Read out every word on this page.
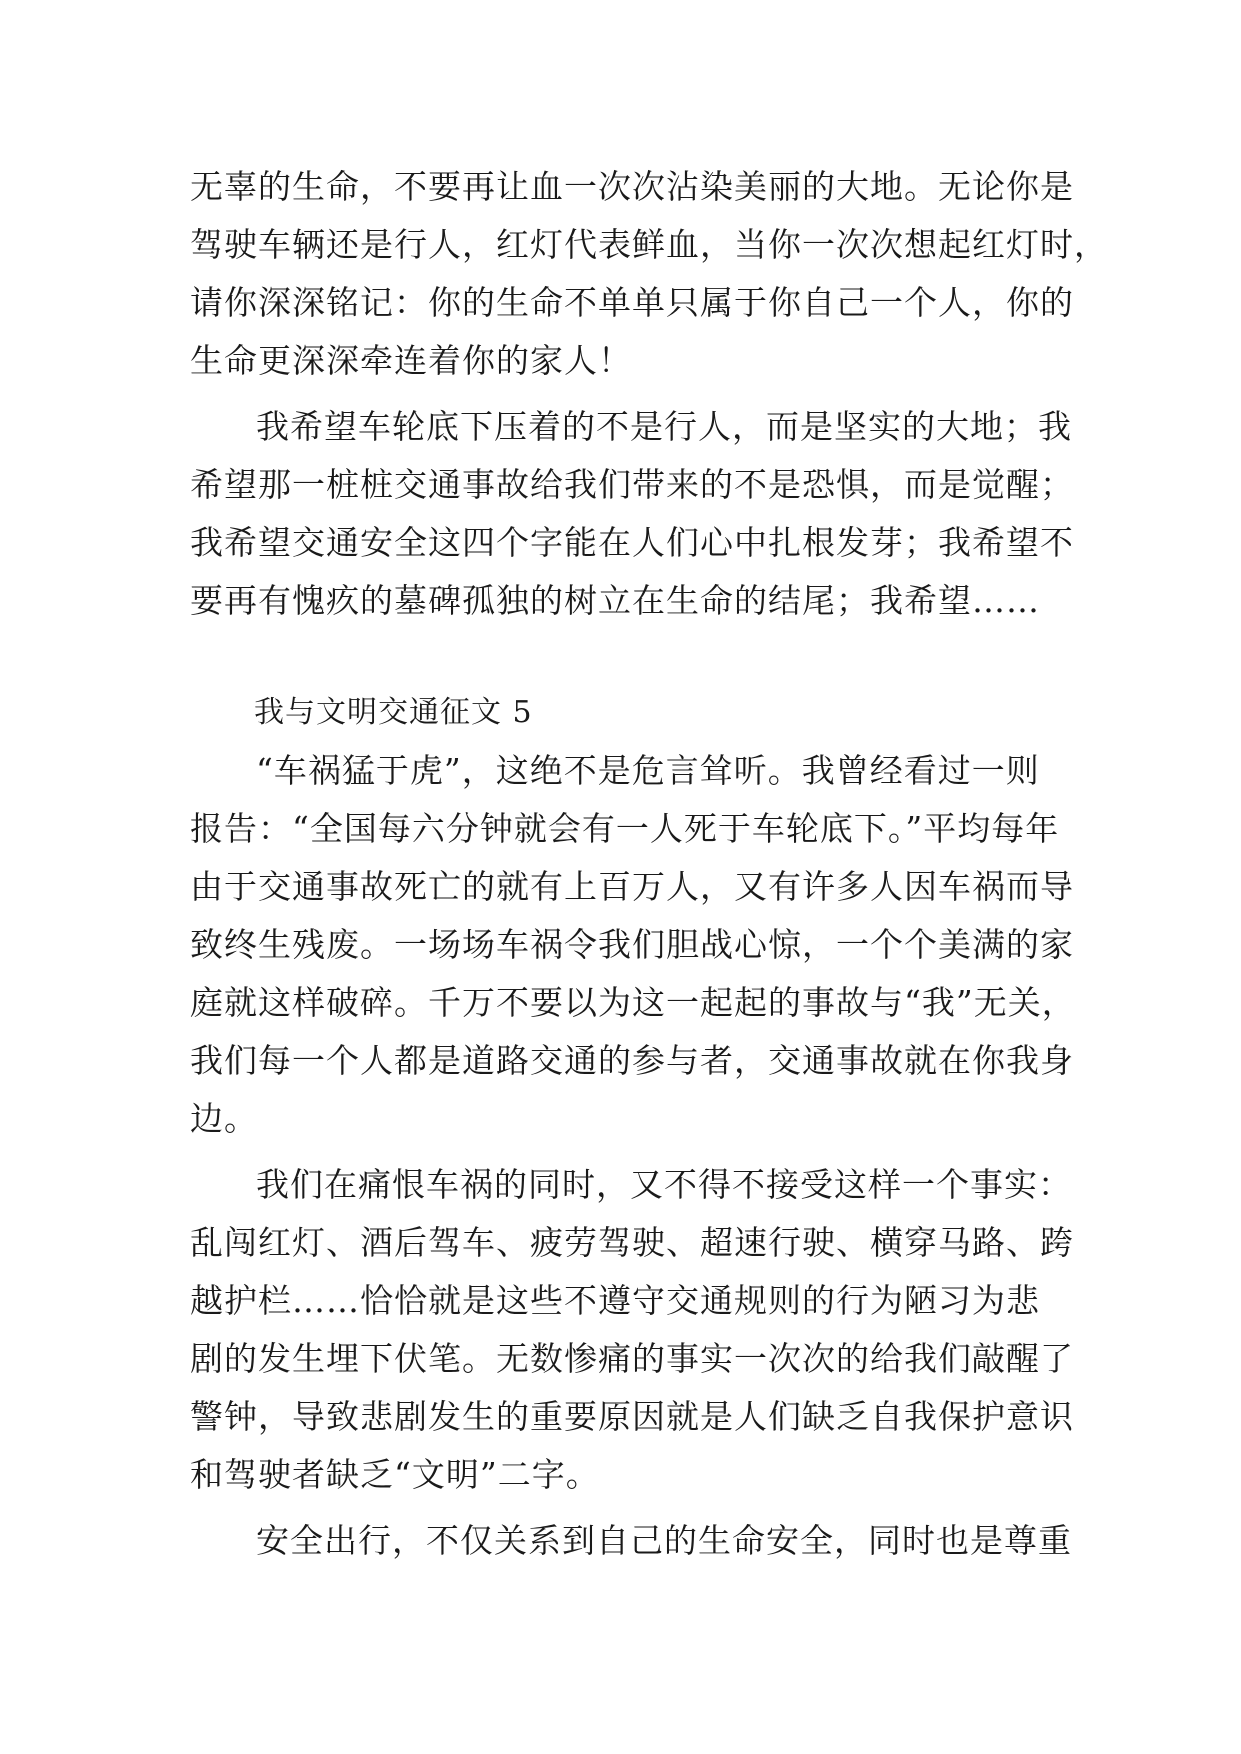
无辜的生命，不要再让血一次次沾染美丽的大地。无论你是
驾驶车辆还是行人，红灯代表鲜血，当你一次次想起红灯时，
请你深深铭记：你的生命不单单只属于你自己一个人，你的
生命更深深牵连着你的家人！
我希望车轮底下压着的不是行人，而是坚实的大地；我
希望那一桩桩交通事故给我们带来的不是恐惧，而是觉醒；
我希望交通安全这四个字能在人们心中扎根发芽；我希望不
要再有愧疚的墓碑孤独的树立在生命的结尾；我希望……
我与文明交通征文 5
“车祸猛于虎”，这绝不是危言耸听。我曾经看过一则
报告：“全国每六分钟就会有一人死于车轮底下。”平均每年
由于交通事故死亡的就有上百万人，又有许多人因车祸而导
致终生残废。一场场车祸令我们胆战心惊，一个个美满的家
庭就这样破碎。千万不要以为这一起起的事故与“我”无关，
我们每一个人都是道路交通的参与者，交通事故就在你我身
边。
我们在痛恨车祸的同时，又不得不接受这样一个事实：
乱闯红灯、酒后驾车、疲劳驾驶、超速行驶、横穿马路、跨
越护栏……恰恰就是这些不遵守交通规则的行为陋习为悲
剧的发生埋下伏笔。无数惨痛的事实一次次的给我们敲醒了
警钟，导致悲剧发生的重要原因就是人们缺乏自我保护意识
和驾驶者缺乏“文明”二字。
安全出行，不仅关系到自己的生命安全，同时也是尊重
